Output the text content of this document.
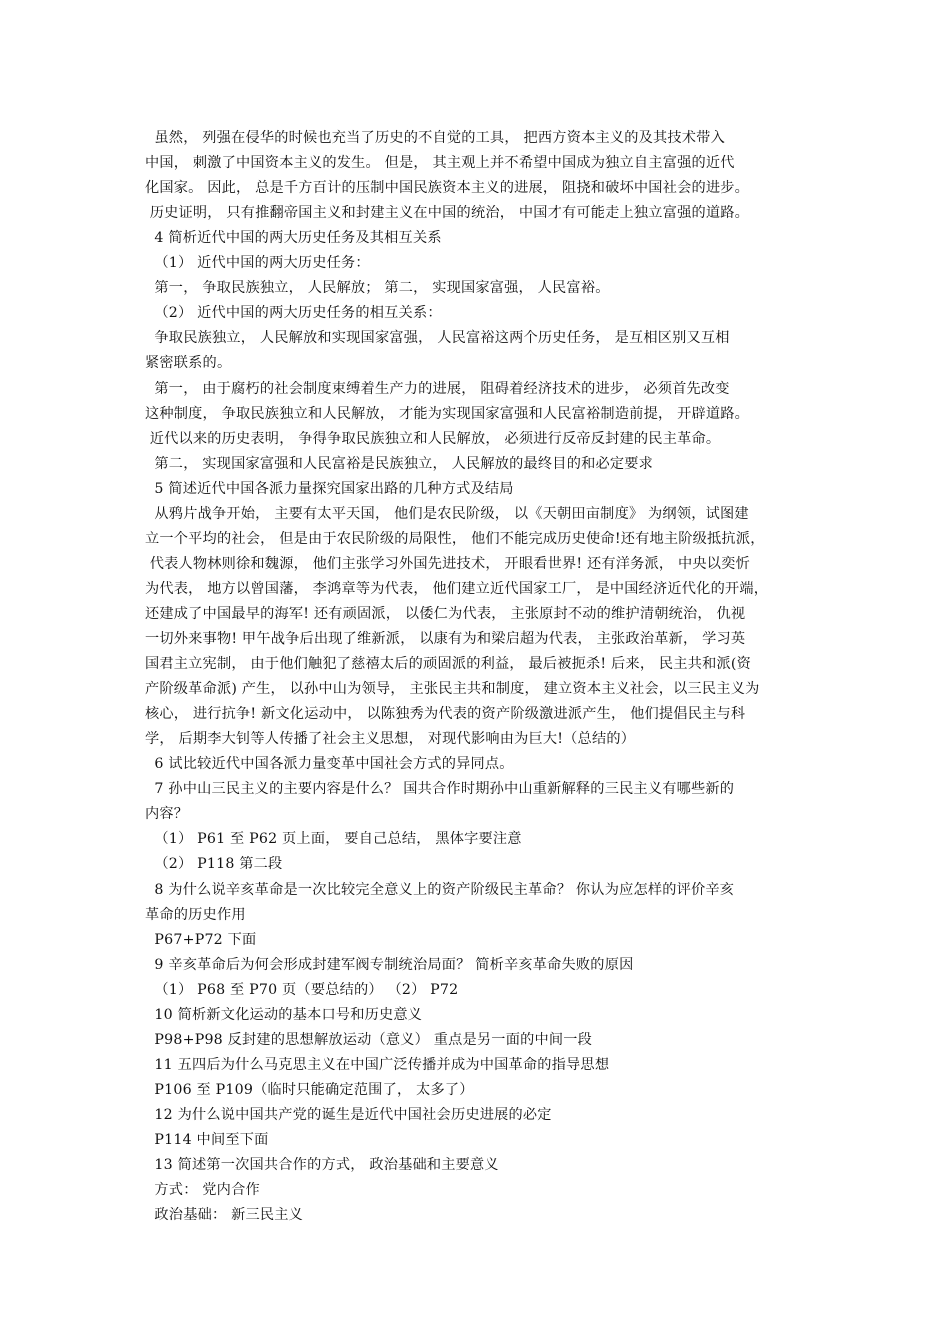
虽然， 列强在侵华的时候也充当了历史的不自觉的工具， 把西方资本主义的及其技术带入
中国， 刺激了中国资本主义的发生。 但是， 其主观上并不希望中国成为独立自主富强的近代
化国家。 因此， 总是千方百计的压制中国民族资本主义的进展， 阻挠和破坏中国社会的进步。
历史证明， 只有推翻帝国主义和封建主义在中国的统治， 中国才有可能走上独立富强的道路。
4 简析近代中国的两大历史任务及其相互关系
（1） 近代中国的两大历史任务：
第一， 争取民族独立， 人民解放； 第二， 实现国家富强， 人民富裕。
（2） 近代中国的两大历史任务的相互关系：
争取民族独立， 人民解放和实现国家富强， 人民富裕这两个历史任务， 是互相区别又互相
紧密联系的。
第一， 由于腐朽的社会制度束缚着生产力的进展， 阻碍着经济技术的进步， 必须首先改变
这种制度， 争取民族独立和人民解放， 才能为实现国家富强和人民富裕制造前提， 开辟道路。
近代以来的历史表明， 争得争取民族独立和人民解放， 必须进行反帝反封建的民主革命。
第二， 实现国家富强和人民富裕是民族独立， 人民解放的最终目的和必定要求
5 简述近代中国各派力量探究国家出路的几种方式及结局
从鸦片战争开始， 主要有太平天国， 他们是农民阶级， 以《天朝田亩制度》 为纲领，试图建
立一个平均的社会， 但是由于农民阶级的局限性， 他们不能完成历史使命!还有地主阶级抵抗派，
代表人物林则徐和魏源， 他们主张学习外国先进技术， 开眼看世界! 还有洋务派， 中央以奕忻
为代表， 地方以曾国藩， 李鸿章等为代表， 他们建立近代国家工厂， 是中国经济近代化的开端，
还建成了中国最早的海军! 还有顽固派， 以倭仁为代表， 主张原封不动的维护清朝统治， 仇视
一切外来事物! 甲午战争后出现了维新派， 以康有为和梁启超为代表， 主张政治革新， 学习英
国君主立宪制， 由于他们触犯了慈禧太后的顽固派的利益， 最后被扼杀! 后来， 民主共和派(资
产阶级革命派) 产生， 以孙中山为领导， 主张民主共和制度， 建立资本主义社会，以三民主义为
核心， 进行抗争! 新文化运动中， 以陈独秀为代表的资产阶级激进派产生， 他们提倡民主与科
学， 后期李大钊等人传播了社会主义思想， 对现代影响由为巨大!（总结的）
6 试比较近代中国各派力量变革中国社会方式的异同点。
7 孙中山三民主义的主要内容是什么？ 国共合作时期孙中山重新解释的三民主义有哪些新的
内容？
（1） P61 至 P62 页上面， 要自己总结， 黑体字要注意
（2） P118 第二段
8 为什么说辛亥革命是一次比较完全意义上的资产阶级民主革命？ 你认为应怎样的评价辛亥
革命的历史作用
P67+P72 下面
9 辛亥革命后为何会形成封建军阀专制统治局面？ 简析辛亥革命失败的原因
（1） P68 至 P70 页（要总结的） （2） P72
10 简析新文化运动的基本口号和历史意义
P98+P98 反封建的思想解放运动（意义） 重点是另一面的中间一段
11 五四后为什么马克思主义在中国广泛传播并成为中国革命的指导思想
P106 至 P109（临时只能确定范围了， 太多了）
12 为什么说中国共产党的诞生是近代中国社会历史进展的必定
P114 中间至下面
13 简述第一次国共合作的方式， 政治基础和主要意义
方式： 党内合作
政治基础： 新三民主义
